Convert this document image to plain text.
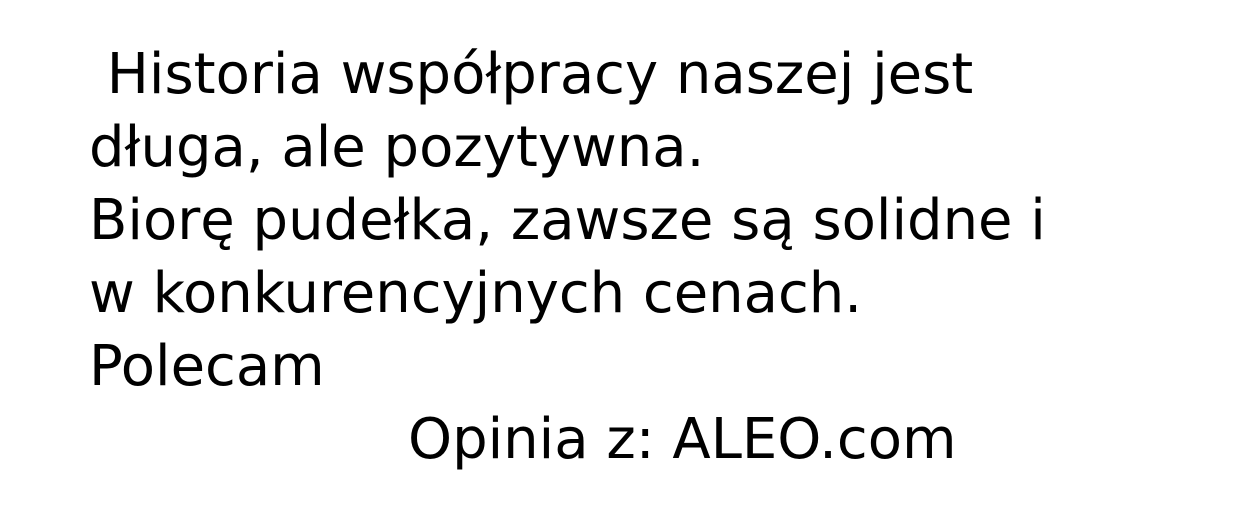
Historia współpracy naszej jest

długa, ale pozytywna.

Biorę pudełka, zawsze są solidne i

w konkurencyjnych cenach.

Polecam

Opinia z: ALEO.com
